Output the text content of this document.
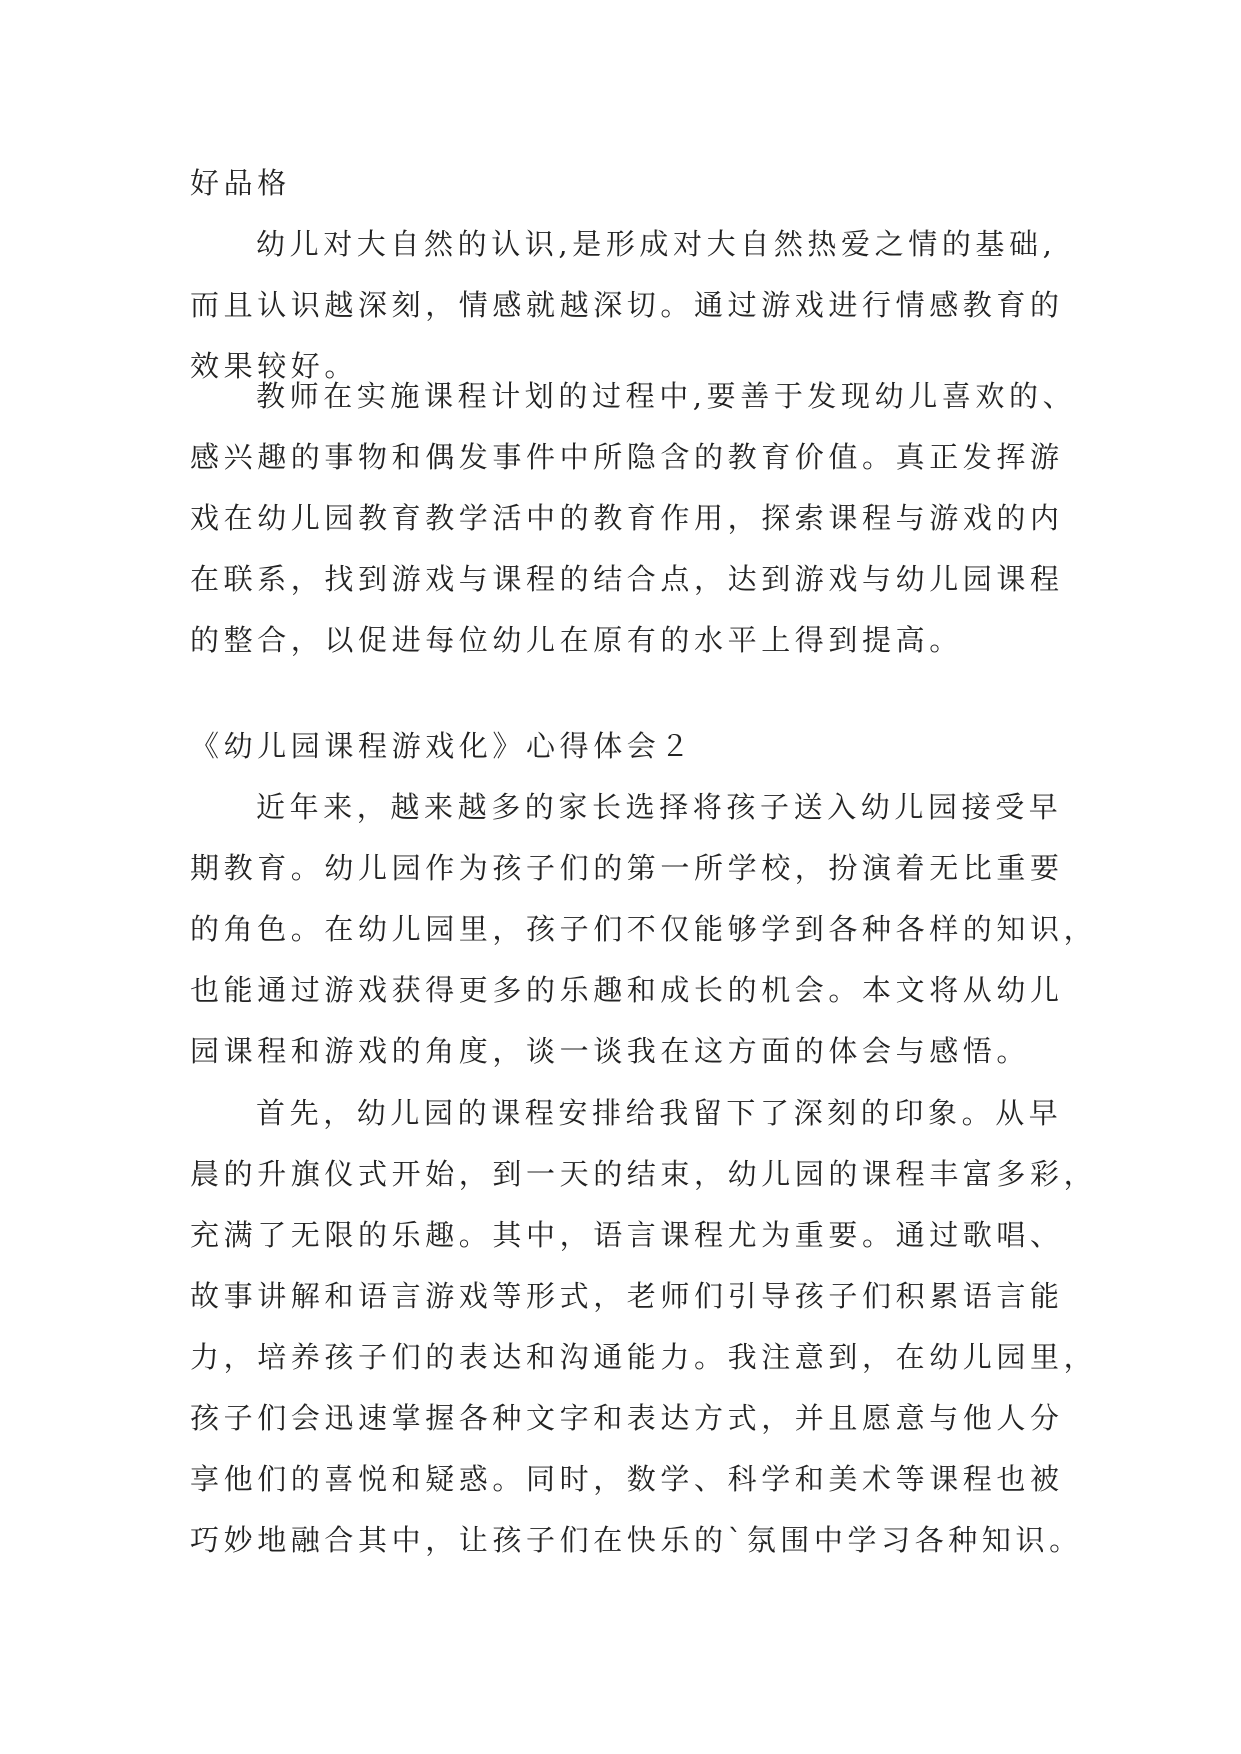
好品格
幼儿对大自然的认识,是形成对大自然热爱之情的基础,
而且认识越深刻，情感就越深切。通过游戏进行情感教育的
效果较好。
教师在实施课程计划的过程中,要善于发现幼儿喜欢的、
感兴趣的事物和偶发事件中所隐含的教育价值。真正发挥游
戏在幼儿园教育教学活中的教育作用，探索课程与游戏的内
在联系，找到游戏与课程的结合点，达到游戏与幼儿园课程
的整合，以促进每位幼儿在原有的水平上得到提高。
《幼儿园课程游戏化》心得体会２
近年来，越来越多的家长选择将孩子送入幼儿园接受早
期教育。幼儿园作为孩子们的第一所学校，扮演着无比重要
的角色。在幼儿园里，孩子们不仅能够学到各种各样的知识，
也能通过游戏获得更多的乐趣和成长的机会。本文将从幼儿
园课程和游戏的角度，谈一谈我在这方面的体会与感悟。
首先，幼儿园的课程安排给我留下了深刻的印象。从早
晨的升旗仪式开始，到一天的结束，幼儿园的课程丰富多彩，
充满了无限的乐趣。其中，语言课程尤为重要。通过歌唱、
故事讲解和语言游戏等形式，老师们引导孩子们积累语言能
力，培养孩子们的表达和沟通能力。我注意到，在幼儿园里，
孩子们会迅速掌握各种文字和表达方式，并且愿意与他人分
享他们的喜悦和疑惑。同时，数学、科学和美术等课程也被
巧妙地融合其中，让孩子们在快乐的`氛围中学习各种知识。
